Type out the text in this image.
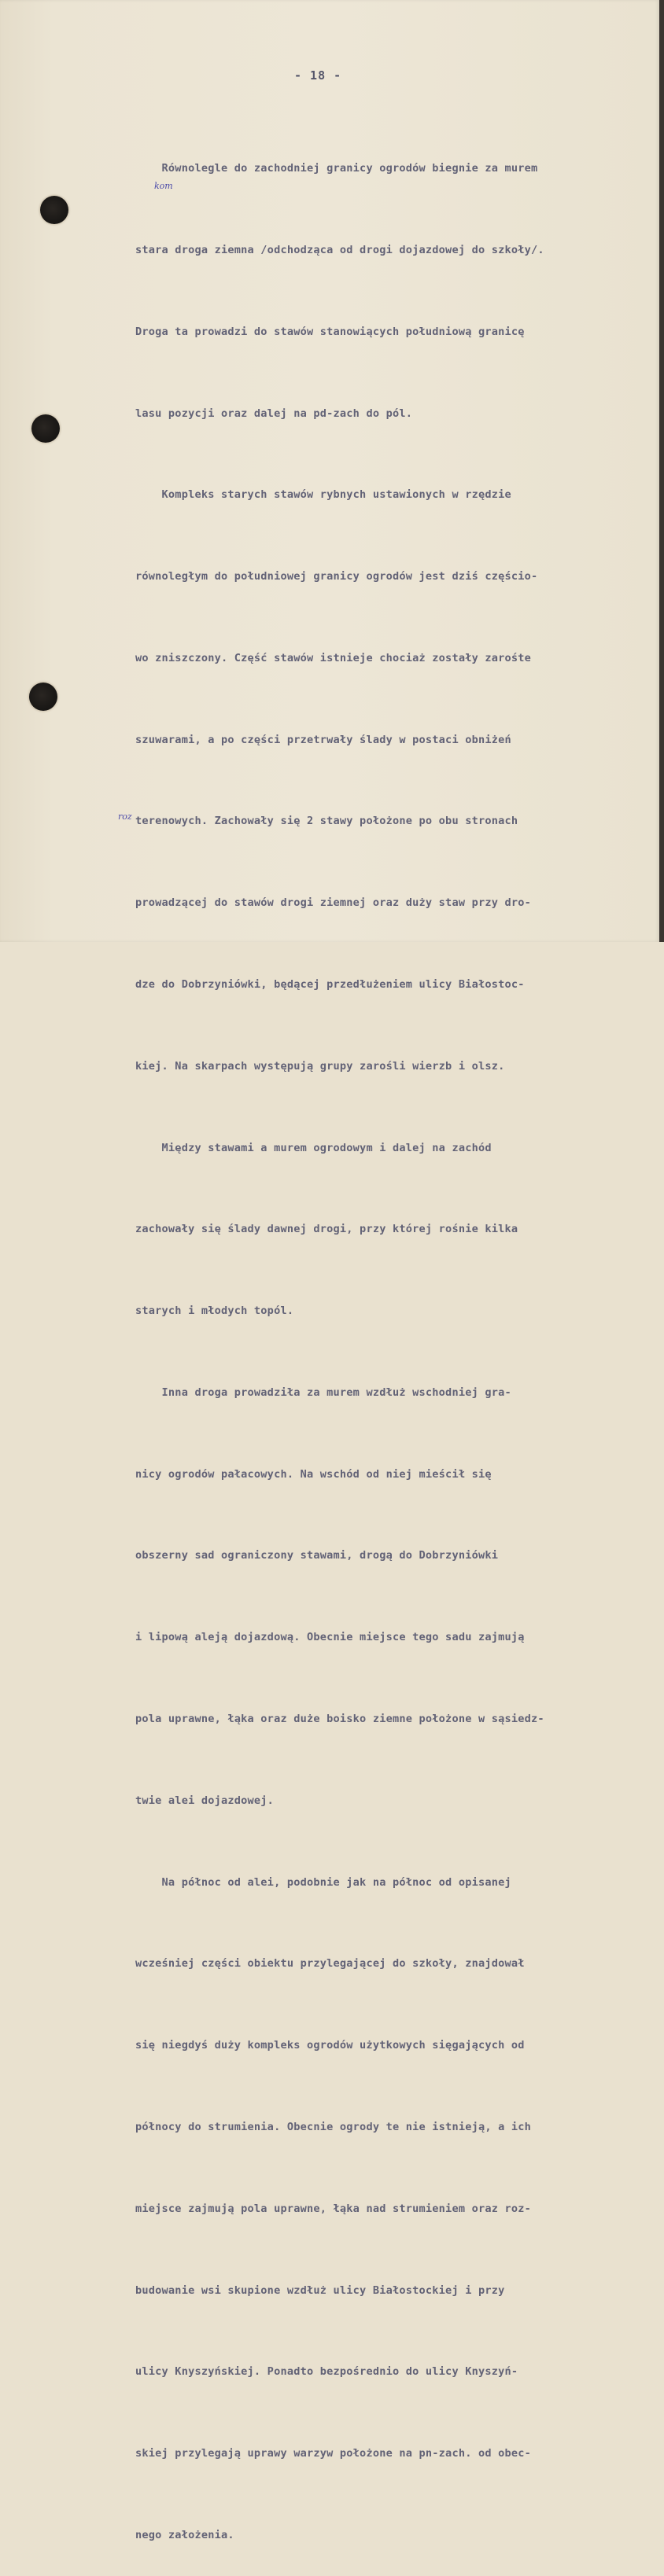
- 18 -
kom
roz

Równolegle do zachodniej granicy ogrodów biegnie za murem

stara droga ziemna /odchodząca od drogi dojazdowej do szkoły/.

Droga ta prowadzi do stawów stanowiących południową granicę

lasu pozycji oraz dalej na pd-zach do pól.

Kompleks starych stawów rybnych ustawionych w rzędzie

równoległym do południowej granicy ogrodów jest dziś częścio-

wo zniszczony. Część stawów istnieje chociaż zostały zarośte

szuwarami, a po części przetrwały ślady w postaci obniżeń

terenowych. Zachowały się 2 stawy położone po obu stronach

prowadzącej do stawów drogi ziemnej oraz duży staw przy dro-

dze do Dobrzyniówki, będącej przedłużeniem ulicy Białostoc-

kiej. Na skarpach występują grupy zarośli wierzb i olsz.

Między stawami a murem ogrodowym i dalej na zachód

zachowały się ślady dawnej drogi, przy której rośnie kilka

starych i młodych topól.

Inna droga prowadziła za murem wzdłuż wschodniej gra-

nicy ogrodów pałacowych. Na wschód od niej mieścił się

obszerny sad ograniczony stawami, drogą do Dobrzyniówki

i lipową aleją dojazdową. Obecnie miejsce tego sadu zajmują

pola uprawne, łąka oraz duże boisko ziemne położone w sąsiedz-

twie alei dojazdowej.

Na północ od alei, podobnie jak na północ od opisanej

wcześniej części obiektu przylegającej do szkoły, znajdował

się niegdyś duży kompleks ogrodów użytkowych sięgających od

północy do strumienia. Obecnie ogrody te nie istnieją, a ich

miejsce zajmują pola uprawne, łąka nad strumieniem oraz roz-

budowanie wsi skupione wzdłuż ulicy Białostockiej i przy

ulicy Knyszyńskiej. Ponadto bezpośrednio do ulicy Knyszyń-

skiej przylegają uprawy warzyw położone na pn-zach. od obec-

nego założenia.
